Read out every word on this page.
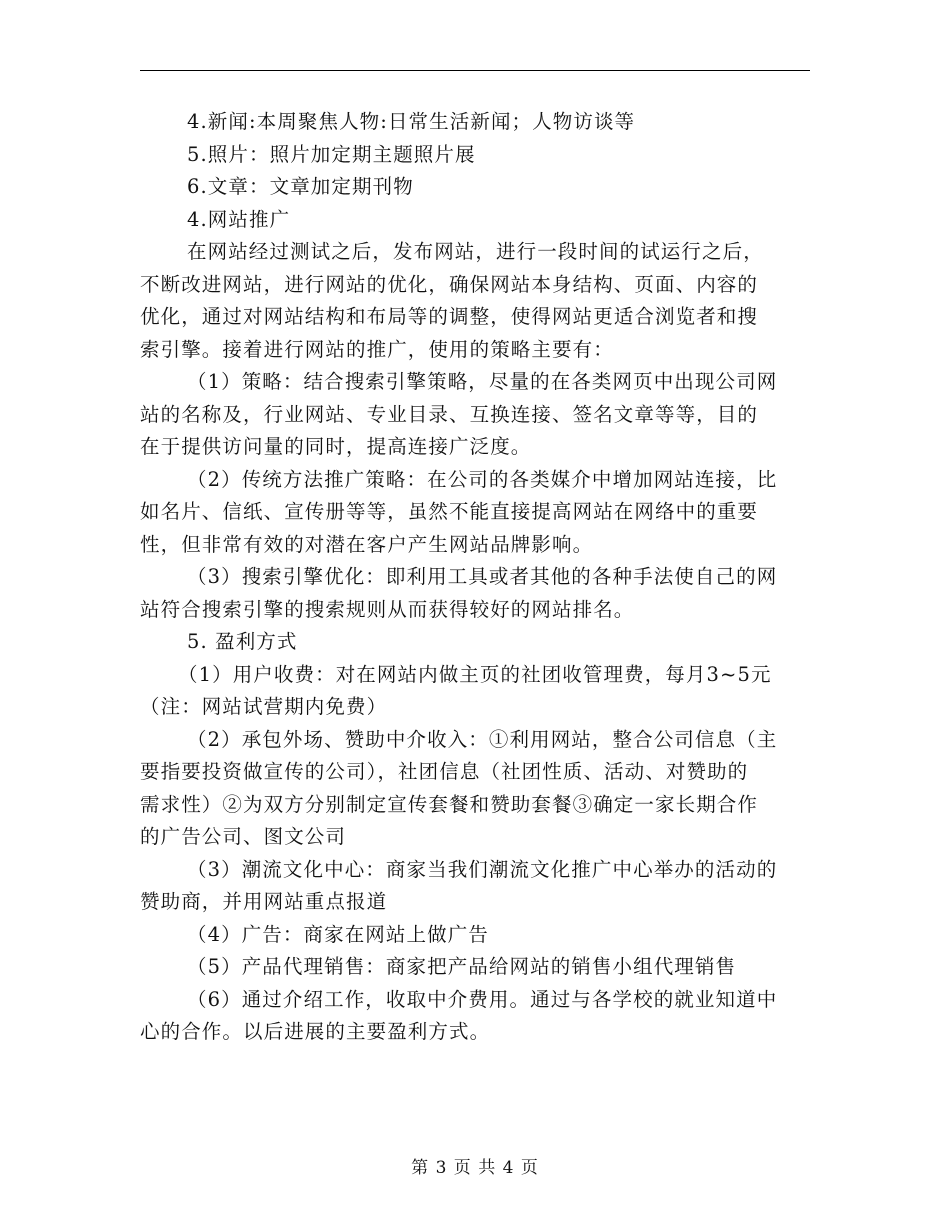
4.新闻:本周聚焦人物:日常生活新闻；人物访谈等

5.照片：照片加定期主题照片展

6.文章：文章加定期刊物

4.网站推广

在网站经过测试之后，发布网站，进行一段时间的试运行之后，

不断改进网站，进行网站的优化，确保网站本身结构、页面、内容的

优化，通过对网站结构和布局等的调整，使得网站更适合浏览者和搜

索引擎。接着进行网站的推广，使用的策略主要有：

（1）策略：结合搜索引擎策略，尽量的在各类网页中出现公司网

站的名称及，行业网站、专业目录、互换连接、签名文章等等，目的

在于提供访问量的同时，提高连接广泛度。

（2）传统方法推广策略：在公司的各类媒介中增加网站连接，比

如名片、信纸、宣传册等等，虽然不能直接提高网站在网络中的重要

性，但非常有效的对潜在客户产生网站品牌影响。

（3）搜索引擎优化：即利用工具或者其他的各种手法使自己的网

站符合搜索引擎的搜索规则从而获得较好的网站排名。

5. 盈利方式

（1）用户收费：对在网站内做主页的社团收管理费，每月3~5元

（注：网站试营期内免费）

（2）承包外场、赞助中介收入：①利用网站，整合公司信息（主

要指要投资做宣传的公司），社团信息（社团性质、活动、对赞助的

需求性）②为双方分别制定宣传套餐和赞助套餐③确定一家长期合作

的广告公司、图文公司

（3）潮流文化中心：商家当我们潮流文化推广中心举办的活动的

赞助商，并用网站重点报道

（4）广告：商家在网站上做广告

（5）产品代理销售：商家把产品给网站的销售小组代理销售

（6）通过介绍工作，收取中介费用。通过与各学校的就业知道中

心的合作。以后进展的主要盈利方式。

第 3 页 共 4 页
